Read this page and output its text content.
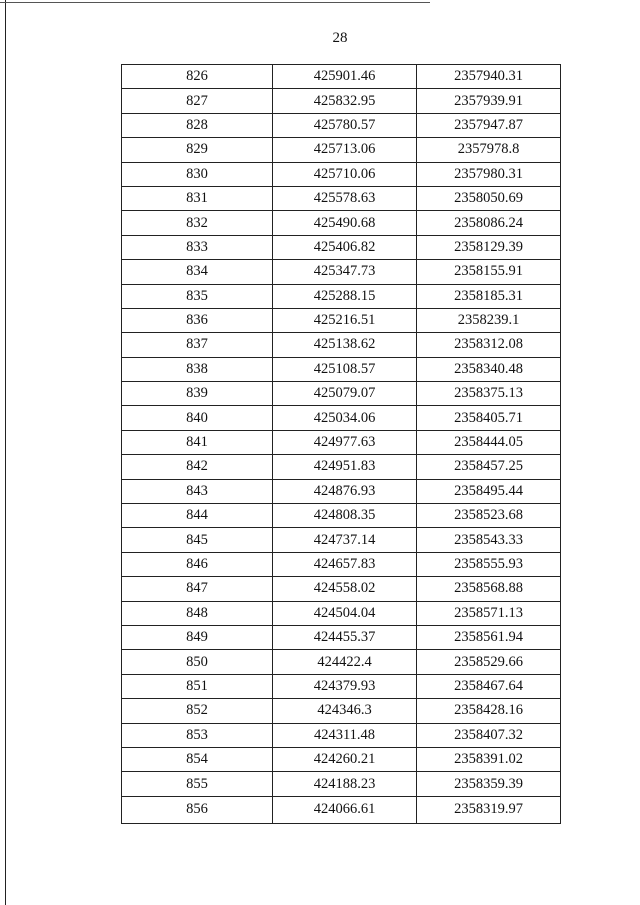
28
826	425901.46	2357940.31
827	425832.95	2357939.91
828	425780.57	2357947.87
829	425713.06	2357978.8
830	425710.06	2357980.31
831	425578.63	2358050.69
832	425490.68	2358086.24
833	425406.82	2358129.39
834	425347.73	2358155.91
835	425288.15	2358185.31
836	425216.51	2358239.1
837	425138.62	2358312.08
838	425108.57	2358340.48
839	425079.07	2358375.13
840	425034.06	2358405.71
841	424977.63	2358444.05
842	424951.83	2358457.25
843	424876.93	2358495.44
844	424808.35	2358523.68
845	424737.14	2358543.33
846	424657.83	2358555.93
847	424558.02	2358568.88
848	424504.04	2358571.13
849	424455.37	2358561.94
850	424422.4	2358529.66
851	424379.93	2358467.64
852	424346.3	2358428.16
853	424311.48	2358407.32
854	424260.21	2358391.02
855	424188.23	2358359.39
856	424066.61	2358319.97
